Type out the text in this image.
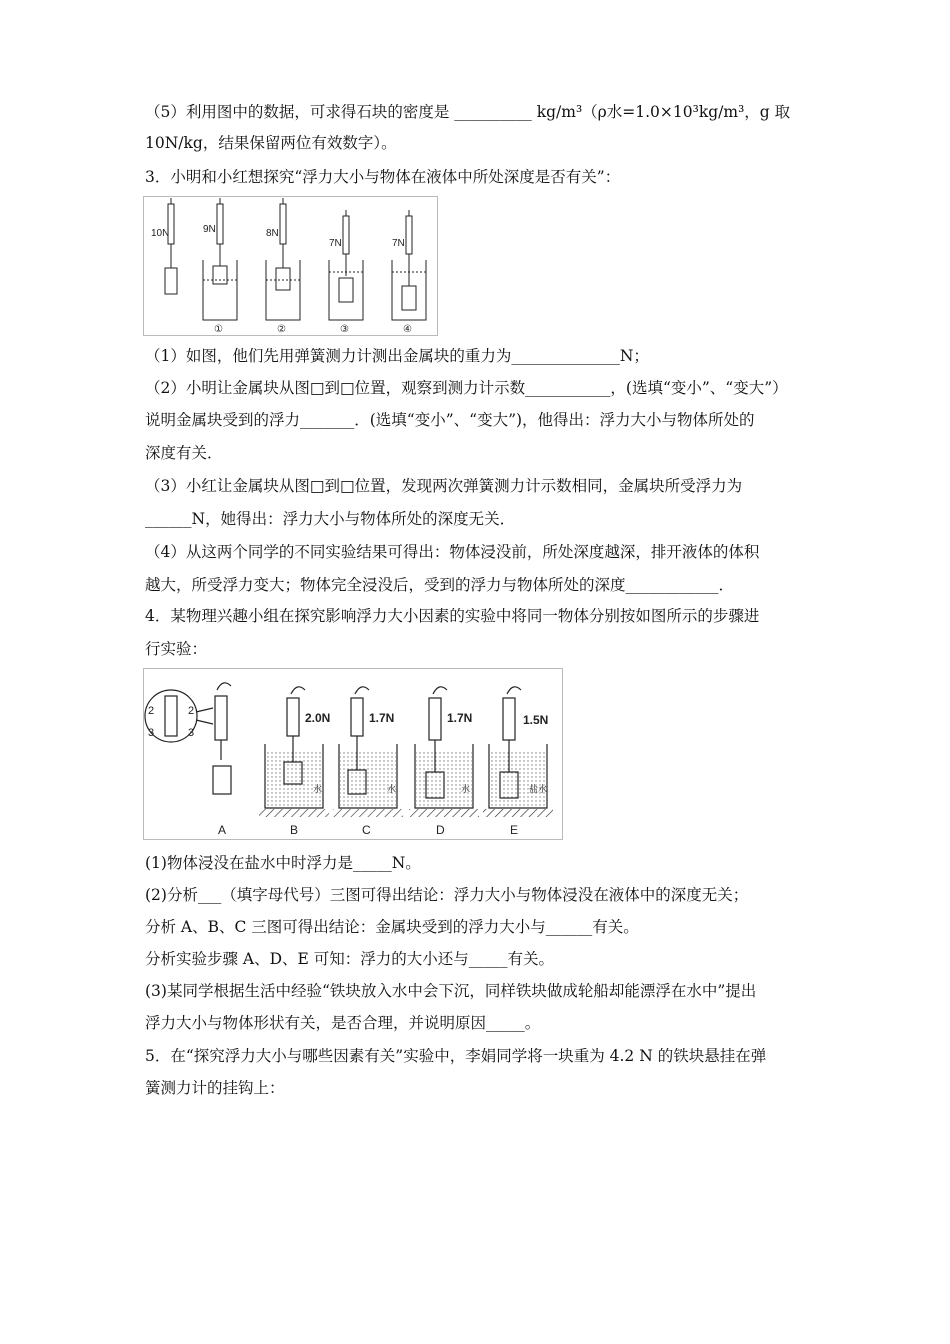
（5）利用图中的数据，可求得石块的密度是 __________ kg/m³（ρ水=1.0×10³kg/m³，g 取
10N/kg，结果保留两位有效数字）。
3．小明和小红想探究“浮力大小与物体在液体中所处深度是否有关”：
10N	9N	8N
7N	7N
①	②	③	④
（1）如图，他们先用弹簧测力计测出金属块的重力为______________N；
（2）小明让金属块从图□到□位置，观察到测力计示数___________，(选填“变小”、“变大”）
说明金属块受到的浮力_______．(选填“变小”、“变大”)，他得出：浮力大小与物体所处的
深度有关．
（3）小红让金属块从图□到□位置，发现两次弹簧测力计示数相同，金属块所受浮力为
______N，她得出：浮力大小与物体所处的深度无关．
（4）从这两个同学的不同实验结果可得出：物体浸没前，所处深度越深，排开液体的体积
越大，所受浮力变大；物体完全浸没后，受到的浮力与物体所处的深度____________．
4．某物理兴趣小组在探究影响浮力大小因素的实验中将同一物体分别按如图所示的步骤进
行实验：
2	2
3	3
2.0N	1.7N	1.7N	1.5N
水	水	水	盐水
A	B	C	D	E
(1)物体浸没在盐水中时浮力是_____N。
(2)分析___（填字母代号）三图可得出结论：浮力大小与物体浸没在液体中的深度无关；
分析 A、B、C 三图可得出结论：金属块受到的浮力大小与______有关。
分析实验步骤 A、D、E 可知：浮力的大小还与_____有关。
(3)某同学根据生活中经验“铁块放入水中会下沉，同样铁块做成轮船却能漂浮在水中”提出
浮力大小与物体形状有关，是否合理，并说明原因_____。
5．在“探究浮力大小与哪些因素有关”实验中，李娟同学将一块重为 4.2 N 的铁块悬挂在弹
簧测力计的挂钩上：
